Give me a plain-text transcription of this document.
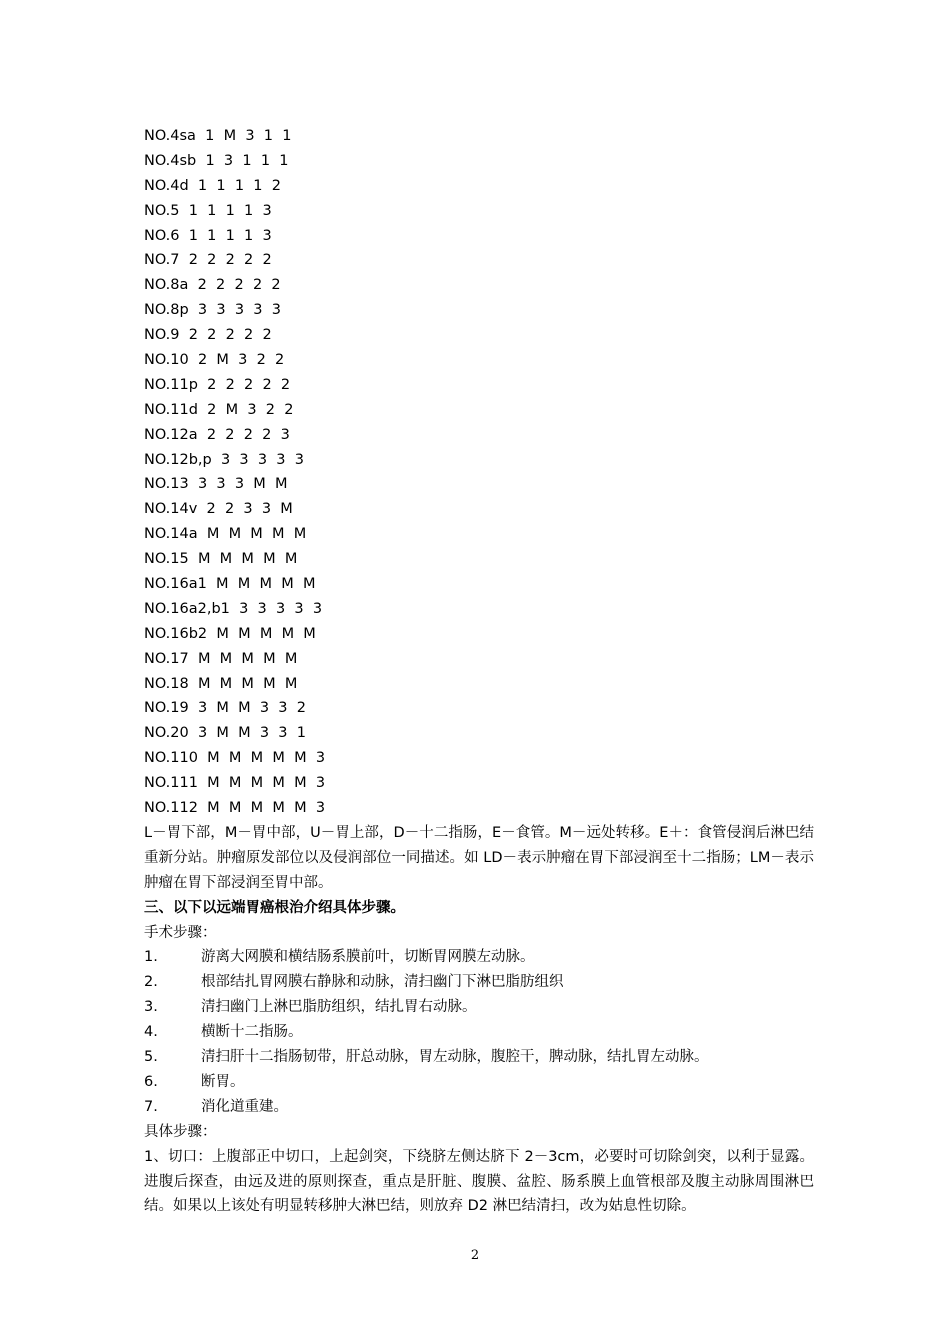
NO.4sa  1  M  3  1  1
NO.4sb  1  3  1  1  1
NO.4d  1  1  1  1  2
NO.5  1  1  1  1  3
NO.6  1  1  1  1  3
NO.7  2  2  2  2  2
NO.8a  2  2  2  2  2
NO.8p  3  3  3  3  3
NO.9  2  2  2  2  2
NO.10  2  M  3  2  2
NO.11p  2  2  2  2  2
NO.11d  2  M  3  2  2
NO.12a  2  2  2  2  3
NO.12b,p  3  3  3  3  3
NO.13  3  3  3  M  M
NO.14v  2  2  3  3  M
NO.14a  M  M  M  M  M
NO.15  M  M  M  M  M
NO.16a1  M  M  M  M  M
NO.16a2,b1  3  3  3  3  3
NO.16b2  M  M  M  M  M
NO.17  M  M  M  M  M
NO.18  M  M  M  M  M
NO.19  3  M  M  3  3  2
NO.20  3  M  M  3  3  1
NO.110  M  M  M  M  M  3
NO.111  M  M  M  M  M  3
NO.112  M  M  M  M  M  3
L－胃下部，M－胃中部，U－胃上部，D－十二指肠，E－食管。M－远处转移。E＋：食管侵润后淋巴结重新分站。肿瘤原发部位以及侵润部位一同描述。如 LD－表示肿瘤在胃下部浸润至十二指肠；LM－表示肿瘤在胃下部浸润至胃中部。
三、以下以远端胃癌根治介绍具体步骤。
手术步骤：
1.	游离大网膜和横结肠系膜前叶，切断胃网膜左动脉。
2.	根部结扎胃网膜右静脉和动脉，清扫幽门下淋巴脂肪组织
3.	清扫幽门上淋巴脂肪组织，结扎胃右动脉。
4.	横断十二指肠。
5.	清扫肝十二指肠韧带，肝总动脉，胃左动脉，腹腔干，脾动脉，结扎胃左动脉。
6.	断胃。
7.	消化道重建。
具体步骤：
1、切口：上腹部正中切口，上起剑突，下绕脐左侧达脐下 2－3cm，必要时可切除剑突，以利于显露。进腹后探查，由远及进的原则探查，重点是肝脏、腹膜、盆腔、肠系膜上血管根部及腹主动脉周围淋巴结。如果以上该处有明显转移肿大淋巴结，则放弃 D2 淋巴结清扫，改为姑息性切除。
2
